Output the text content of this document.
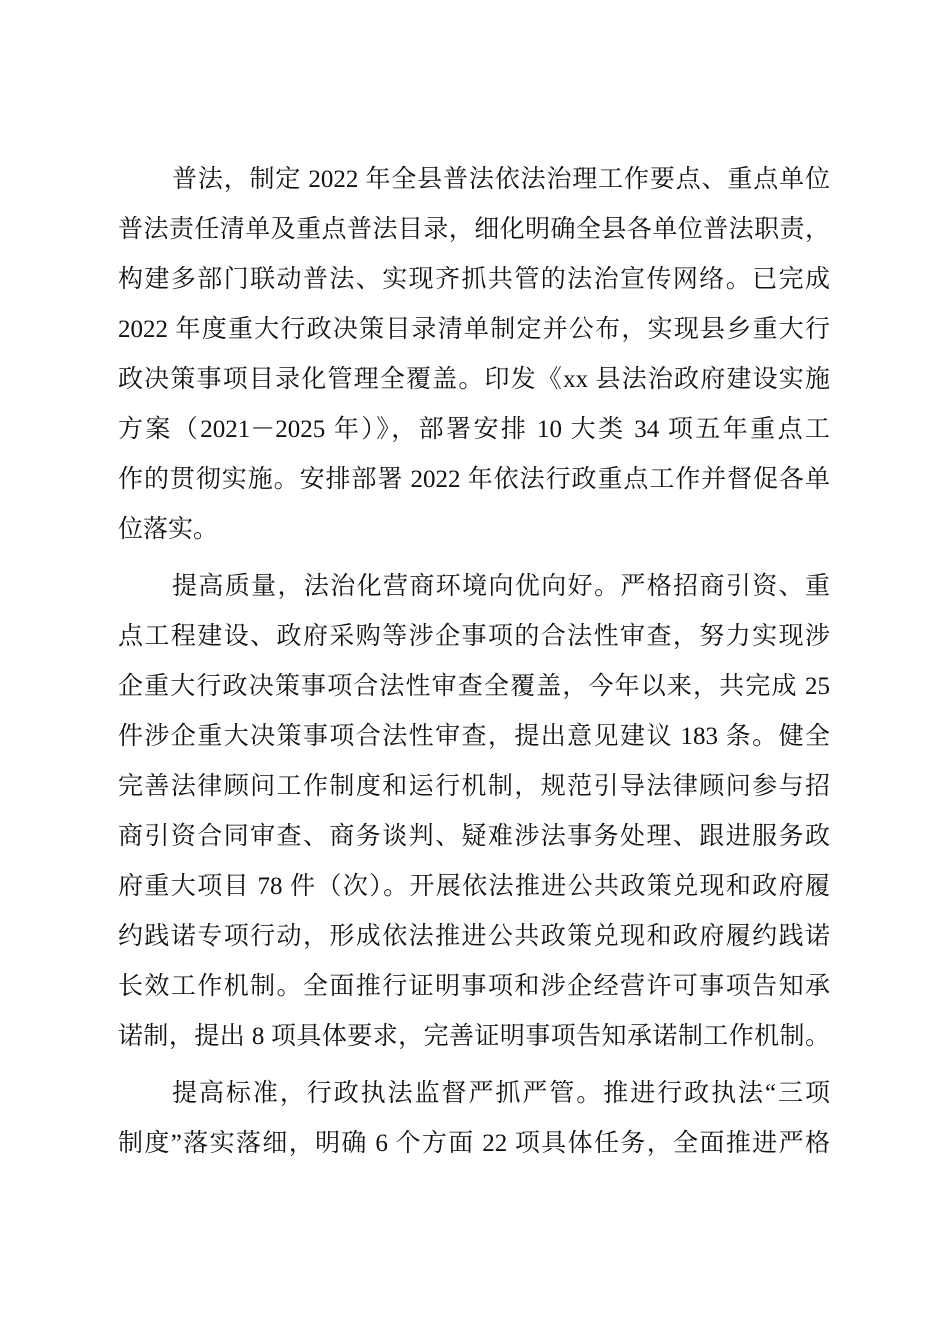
普法，制定 2022 年全县普法依法治理工作要点、重点单位
普法责任清单及重点普法目录，细化明确全县各单位普法职责，
构建多部门联动普法、实现齐抓共管的法治宣传网络。已完成
2022 年度重大行政决策目录清单制定并公布，实现县乡重大行
政决策事项目录化管理全覆盖。印发《xx 县法治政府建设实施
方案（2021－2025 年）》，部署安排 10 大类 34 项五年重点工
作的贯彻实施。安排部署 2022 年依法行政重点工作并督促各单
位落实。
提高质量，法治化营商环境向优向好。严格招商引资、重
点工程建设、政府采购等涉企事项的合法性审查，努力实现涉
企重大行政决策事项合法性审查全覆盖，今年以来，共完成 25
件涉企重大决策事项合法性审查，提出意见建议 183 条。健全
完善法律顾问工作制度和运行机制，规范引导法律顾问参与招
商引资合同审查、商务谈判、疑难涉法事务处理、跟进服务政
府重大项目 78 件（次）。开展依法推进公共政策兑现和政府履
约践诺专项行动，形成依法推进公共政策兑现和政府履约践诺
长效工作机制。全面推行证明事项和涉企经营许可事项告知承
诺制，提出 8 项具体要求，完善证明事项告知承诺制工作机制。
提高标准，行政执法监督严抓严管。推进行政执法“三项
制度”落实落细，明确 6 个方面 22 项具体任务，全面推进严格
